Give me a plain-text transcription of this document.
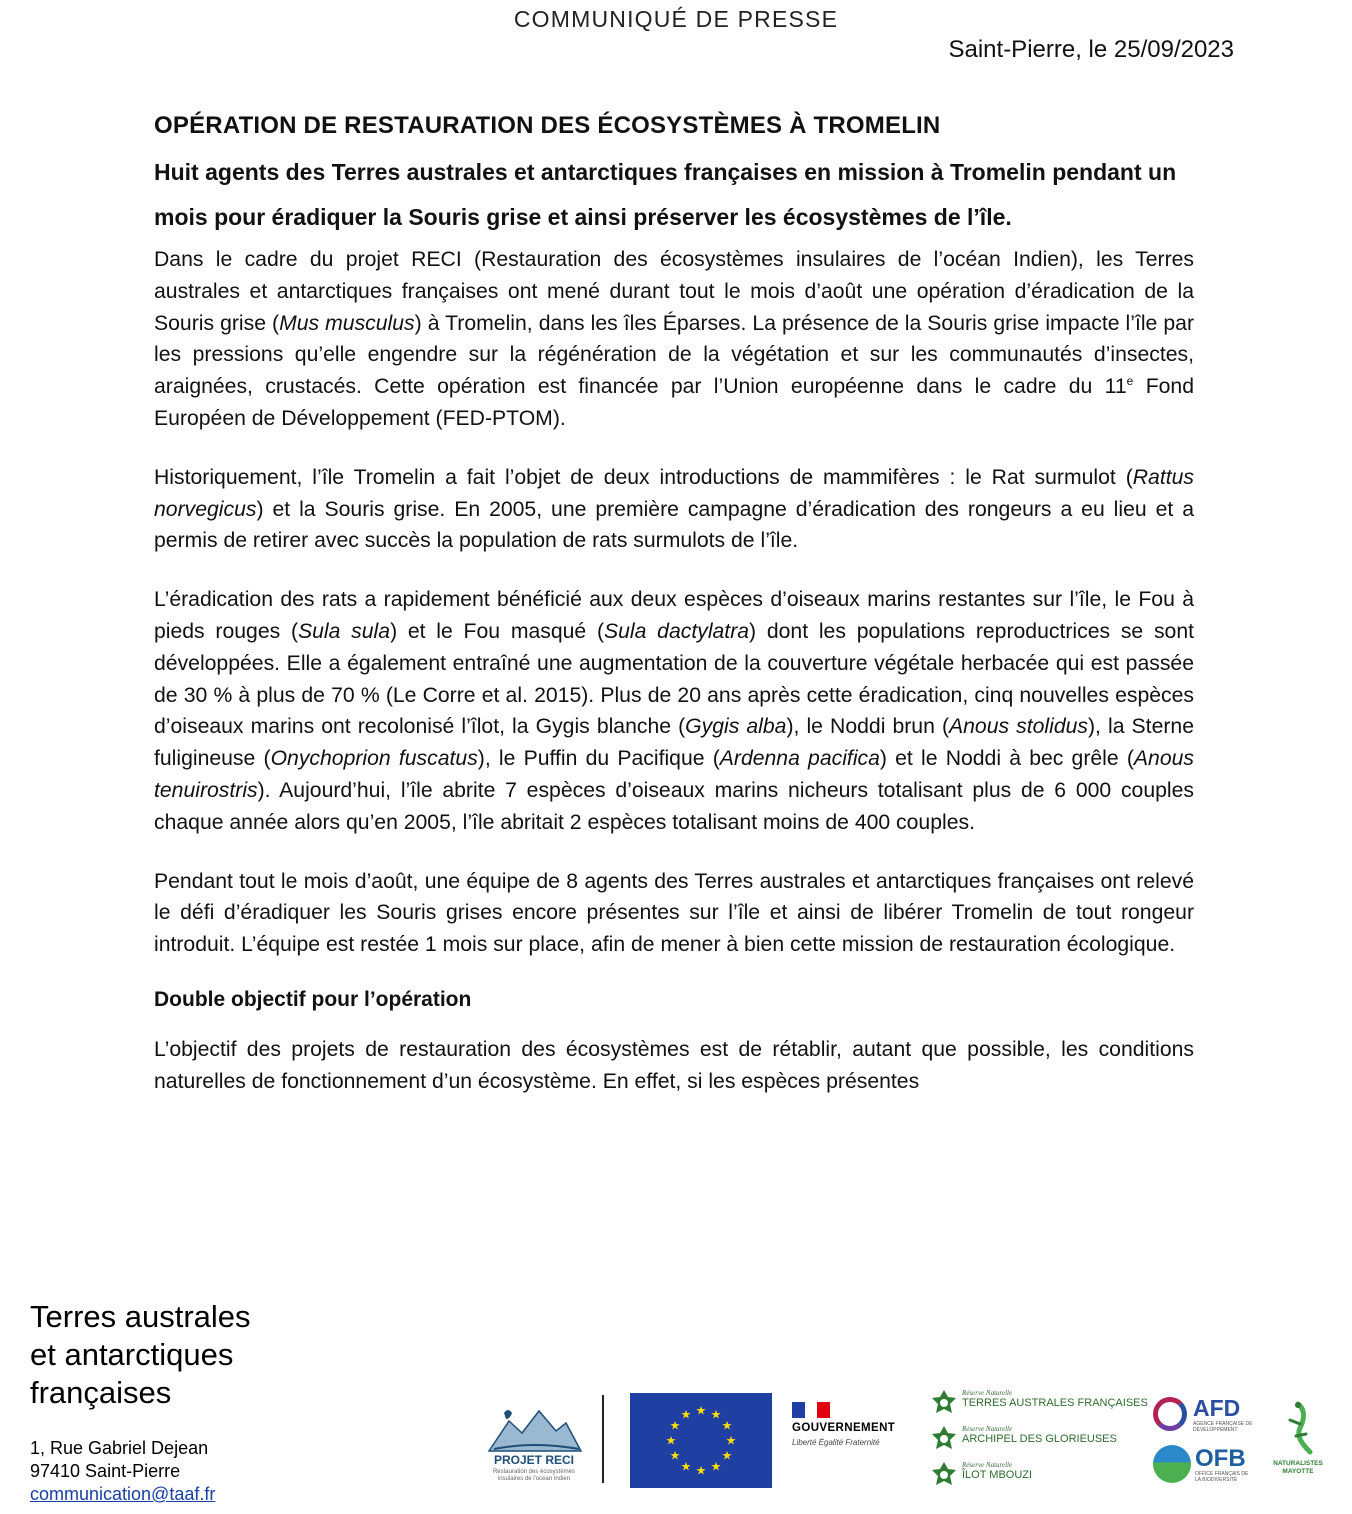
COMMUNIQUÉ DE PRESSE
Saint-Pierre, le 25/09/2023
OPÉRATION DE RESTAURATION DES ÉCOSYSTÈMES À TROMELIN
Huit agents des Terres australes et antarctiques françaises en mission à Tromelin pendant un mois pour éradiquer la Souris grise et ainsi préserver les écosystèmes de l’île.
Dans le cadre du projet RECI (Restauration des écosystèmes insulaires de l’océan Indien), les Terres australes et antarctiques françaises ont mené durant tout le mois d’août une opération d’éradication de la Souris grise (Mus musculus) à Tromelin, dans les îles Éparses. La présence de la Souris grise impacte l’île par les pressions qu’elle engendre sur la régénération de la végétation et sur les communautés d’insectes, araignées, crustacés. Cette opération est financée par l’Union européenne dans le cadre du 11e Fond Européen de Développement (FED-PTOM).
Historiquement, l’île Tromelin a fait l’objet de deux introductions de mammifères : le Rat surmulot (Rattus norvegicus) et la Souris grise. En 2005, une première campagne d’éradication des rongeurs a eu lieu et a permis de retirer avec succès la population de rats surmulots de l’île.
L’éradication des rats a rapidement bénéficié aux deux espèces d’oiseaux marins restantes sur l’île, le Fou à pieds rouges (Sula sula) et le Fou masqué (Sula dactylatra) dont les populations reproductrices se sont développées. Elle a également entraîné une augmentation de la couverture végétale herbacée qui est passée de 30 % à plus de 70 % (Le Corre et al. 2015). Plus de 20 ans après cette éradication, cinq nouvelles espèces d’oiseaux marins ont recolonisé l’îlot, la Gygis blanche (Gygis alba), le Noddi brun (Anous stolidus), la Sterne fuligineuse (Onychoprion fuscatus), le Puffin du Pacifique (Ardenna pacifica) et le Noddi à bec grêle (Anous tenuirostris). Aujourd’hui, l’île abrite 7 espèces d’oiseaux marins nicheurs totalisant plus de 6 000 couples chaque année alors qu’en 2005, l’île abritait 2 espèces totalisant moins de 400 couples.
Pendant tout le mois d’août, une équipe de 8 agents des Terres australes et antarctiques françaises ont relevé le défi d’éradiquer les Souris grises encore présentes sur l’île et ainsi de libérer Tromelin de tout rongeur introduit. L’équipe est restée 1 mois sur place, afin de mener à bien cette mission de restauration écologique.
Double objectif pour l’opération
L’objectif des projets de restauration des écosystèmes est de rétablir, autant que possible, les conditions naturelles de fonctionnement d’un écosystème. En effet, si les espèces présentes
Terres australes
et antarctiques
françaises
1, Rue Gabriel Dejean
97410 Saint-Pierre
communication@taaf.fr
PROJET RECI
Restauration des écosystèmes insulaires de l'océan Indien
★ ★
★
★
★
★
★
★
★
★
★
★
GOUVERNEMENT
Liberté Égalité Fraternité
Réserve Naturelle
TERRES AUSTRALES FRANÇAISES
Réserve Naturelle
ARCHIPEL DES GLORIEUSES
Réserve Naturelle
ÎLOT MBOUZI
AFD
AGENCE FRANÇAISE DE DÉVELOPPEMENT
OFB
OFFICE FRANÇAIS DE LA BIODIVERSITÉ
NATURALISTES MAYOTTE
